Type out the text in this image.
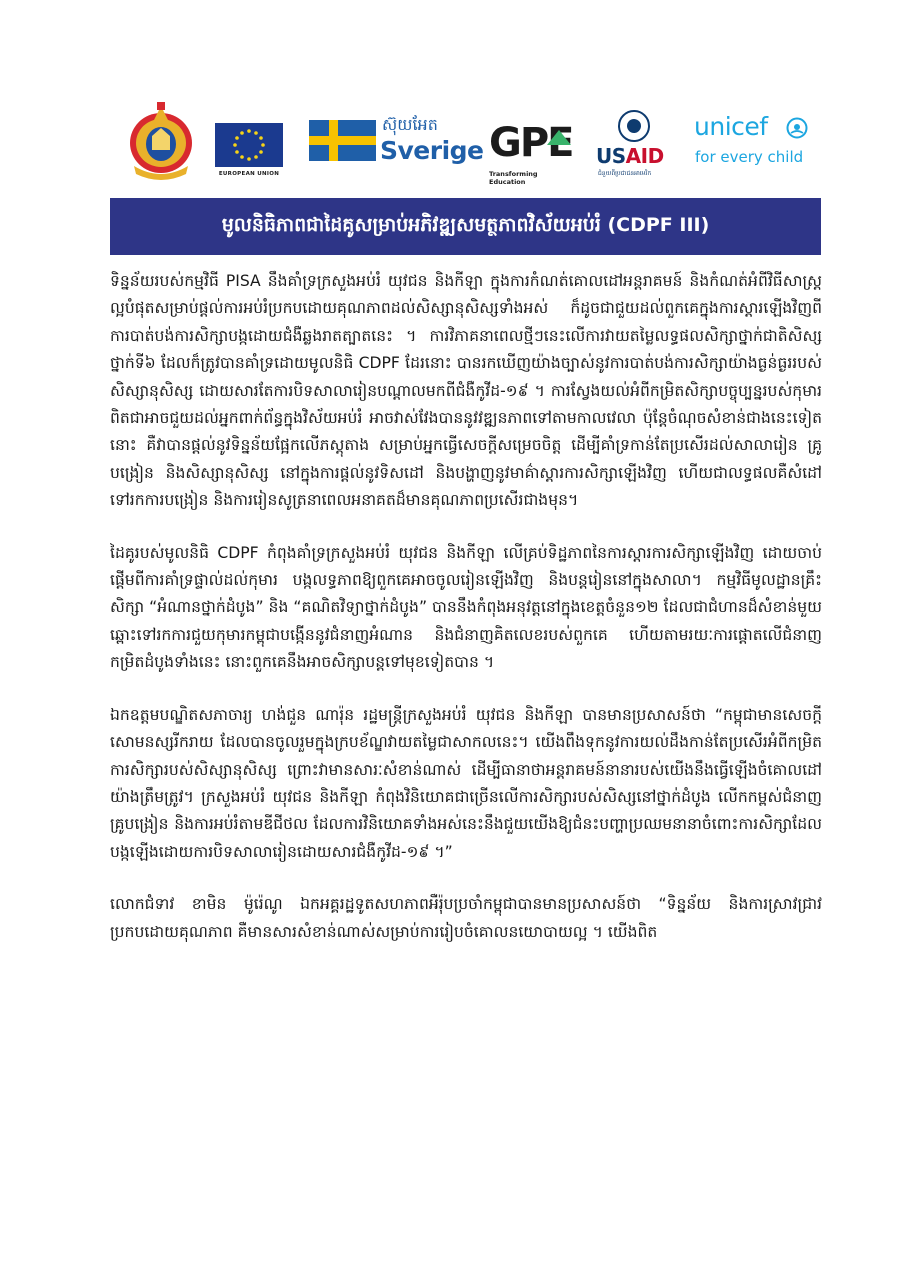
EUROPEAN UNION
ស៊ុយអែត
Sverige GPE
Transforming
Education
USAID
ជំនួយពីប្រជាជនអាមេរិក
unicef
for every child
មូលនិធិភាពជាដៃគូសម្រាប់អភិវឌ្ឍសមត្ថភាពវិស័យអប់រំ (CDPF III)

ទិន្នន័យរបស់កម្មវិធី PISA នឹងគាំទ្រក្រសួងអប់រំ យុវជន និងកីឡា ក្នុងការកំណត់គោលដៅអន្តរាគមន៍ និងកំណត់អំពីវិធីសាស្រ្តល្អបំផុតសម្រាប់ផ្តល់ការអប់រំប្រកបដោយគុណភាពដល់សិស្សានុសិស្សទាំងអស់ ក៏ដូចជាជួយដល់ពួកគេក្នុងការស្តារឡើងវិញពីការបាត់បង់ការសិក្សាបង្កដោយជំងឺឆ្លងរាតត្បាតនេះ ។ ការវិភាគនាពេលថ្មីៗនេះលើការវាយតម្លៃលទ្ធផលសិក្សាថ្នាក់ជាតិសិស្សថ្នាក់ទី៦ ដែលក៏ត្រូវបានគាំទ្រដោយមូលនិធិ CDPF ដែរនោះ បានរកឃើញយ៉ាងច្បាស់នូវការបាត់បង់ការសិក្សាយ៉ាងធ្ងន់ធ្ងររបស់សិស្សានុសិស្ស ដោយសារតែការបិទសាលារៀនបណ្តាលមកពីជំងឺកូវីដ-១៩ ។ ការស្វែងយល់អំពីកម្រិតសិក្សាបច្ចុប្បន្នរបស់កុមារ ពិតជាអាចជួយដល់អ្នកពាក់ព័ន្ធក្នុងវិស័យអប់រំ អាចវាស់វែងបាននូវវឌ្ឍនភាពទៅតាមកាលវេលា ប៉ុន្តែចំណុចសំខាន់ជាងនេះទៀតនោះ គឺវាបានផ្តល់នូវទិន្នន័យផ្អែកលើភស្តុតាង សម្រាប់អ្នកធ្វើសេចក្តីសម្រេចចិត្ត ដើម្បីគាំទ្រកាន់តែប្រសើរដល់សាលារៀន គ្រូបង្រៀន និងសិស្សានុសិស្ស នៅក្នុងការផ្តល់នូវទិសដៅ និងបង្ហាញនូវមាគ៌ាស្តារការសិក្សាឡើងវិញ ហើយជាលទ្ធផលគឺសំដៅទៅរកការបង្រៀន និងការរៀនសូត្រនាពេលអនាគតដ៏មានគុណភាពប្រសើរជាងមុន។

ដៃគូរបស់មូលនិធិ CDPF កំពុងគាំទ្រក្រសួងអប់រំ យុវជន និងកីឡា លើគ្រប់ទិដ្ឋភាពនៃការស្តារការសិក្សាឡើងវិញ ដោយចាប់ផ្តើមពីការគាំទ្រផ្ទាល់ដល់កុមារ បង្កលទ្ធភាពឱ្យពួកគេអាចចូលរៀនឡើងវិញ និងបន្តរៀននៅក្នុងសាលា។ កម្មវិធីមូលដ្ឋានគ្រឹះសិក្សា “អំណានថ្នាក់ដំបូង” និង “គណិតវិទ្យាថ្នាក់ដំបូង” បាននឹងកំពុងអនុវត្តនៅក្នុងខេត្តចំនួន១២ ដែលជាជំហានដ៏សំខាន់មួយឆ្ពោះទៅរកការជួយកុមារកម្ពុជាបង្កើននូវជំនាញអំណាន និងជំនាញគិតលេខរបស់ពួកគេ ហើយតាមរយៈការផ្តោតលើជំនាញកម្រិតដំបូងទាំងនេះ នោះពួកគេនឹងអាចសិក្សាបន្តទៅមុខទៀតបាន ។

ឯកឧត្តមបណ្ឌិតសភាចារ្យ ហង់ជួន ណារ៉ុន រដ្ឋមន្ត្រីក្រសួងអប់រំ យុវជន និងកីឡា បានមានប្រសាសន៍ថា “កម្ពុជាមានសេចក្តីសោមនស្សរីករាយ ដែលបានចូលរួមក្នុងក្របខ័ណ្ឌវាយតម្លៃជាសាកលនេះ។ យើងពឹងទុកនូវការយល់ដឹងកាន់តែប្រសើរអំពីកម្រិតការសិក្សារបស់សិស្សានុសិស្ស ព្រោះវាមានសារៈសំខាន់ណាស់ ដើម្បីធានាថាអន្តរាគមន៍នានារបស់យើងនឹងធ្វើឡើងចំគោលដៅយ៉ាងត្រឹមត្រូវ។ ក្រសួងអប់រំ យុវជន និងកីឡា កំពុងវិនិយោគជាច្រើនលើការសិក្សារបស់សិស្សនៅថ្នាក់ដំបូង លើកកម្ពស់ជំនាញគ្រូបង្រៀន និងការអប់រំតាមឌីជីថល ដែលការវិនិយោគទាំងអស់នេះនឹងជួយយើងឱ្យជំនះបញ្ហាប្រឈមនានាចំពោះការសិក្សាដែលបង្កឡើងដោយការបិទសាលារៀនដោយសារជំងឺកូវីដ-១៩ ។”

លោកជំទាវ ខាមិន ម៉ូរ៉េណូ ឯកអគ្គរដ្ឋទូតសហភាពអឺរ៉ុបប្រចាំកម្ពុជាបានមានប្រសាសន៍ថា “ទិន្នន័យ និងការស្រាវជ្រាវប្រកបដោយគុណភាព គឺមានសារសំខាន់ណាស់សម្រាប់ការរៀបចំគោលនយោបាយល្អ ។ យើងពិត
